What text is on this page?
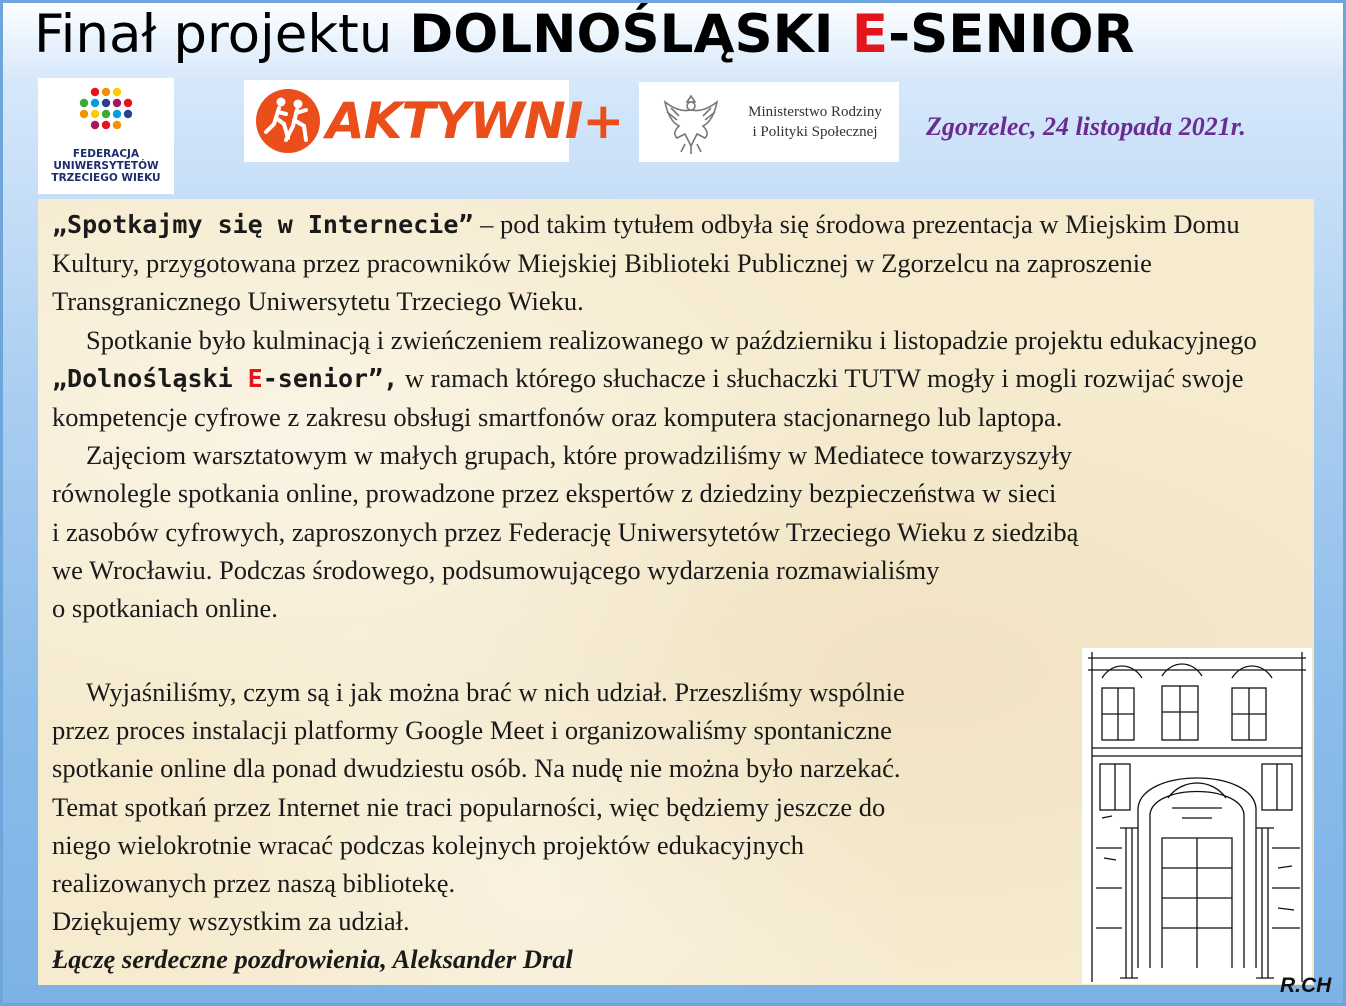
Finał projektu DOLNOŚLĄSKI E-SENIOR
FEDERACJA
UNIWERSYTETÓW
TRZECIEGO WIEKU
AKTYWNI+	Ministerstwo Rodziny
i Polityki Społecznej	Zgorzelec, 24 listopada 2021r.

„Spotkajmy się w Internecie” – pod takim tytułem odbyła się środowa prezentacja w Miejskim Domu Kultury, przygotowana przez pracowników Miejskiej Biblioteki Publicznej w Zgorzelcu na zaproszenie Transgranicznego Uniwersytetu Trzeciego Wieku.

Spotkanie było kulminacją i zwieńczeniem realizowanego w październiku i listopadzie projektu edukacyjnego „Dolnośląski E-senior”, w ramach którego słuchacze i słuchaczki TUTW mogły i mogli rozwijać swoje kompetencje cyfrowe z zakresu obsługi smartfonów oraz komputera stacjonarnego lub laptopa.

Zajęciom warsztatowym w małych grupach, które prowadziliśmy w Mediatece towarzyszyły

równolegle spotkania online, prowadzone przez ekspertów z dziedziny bezpieczeństwa w sieci

i zasobów cyfrowych, zaproszonych przez Federację Uniwersytetów Trzeciego Wieku z siedzibą

we Wrocławiu. Podczas środowego, podsumowującego wydarzenia rozmawialiśmy

o spotkaniach online.

Wyjaśniliśmy, czym są i jak można brać w nich udział. Przeszliśmy wspólnie

przez proces instalacji platformy Google Meet i organizowaliśmy spontaniczne

spotkanie online dla ponad dwudziestu osób. Na nudę nie można było narzekać.

Temat spotkań przez Internet nie traci popularności, więc będziemy jeszcze do

niego wielokrotnie wracać podczas kolejnych projektów edukacyjnych

realizowanych przez naszą bibliotekę.

Dziękujemy wszystkim za udział.

Łączę serdeczne pozdrowienia, Aleksander Dral

R.CH
